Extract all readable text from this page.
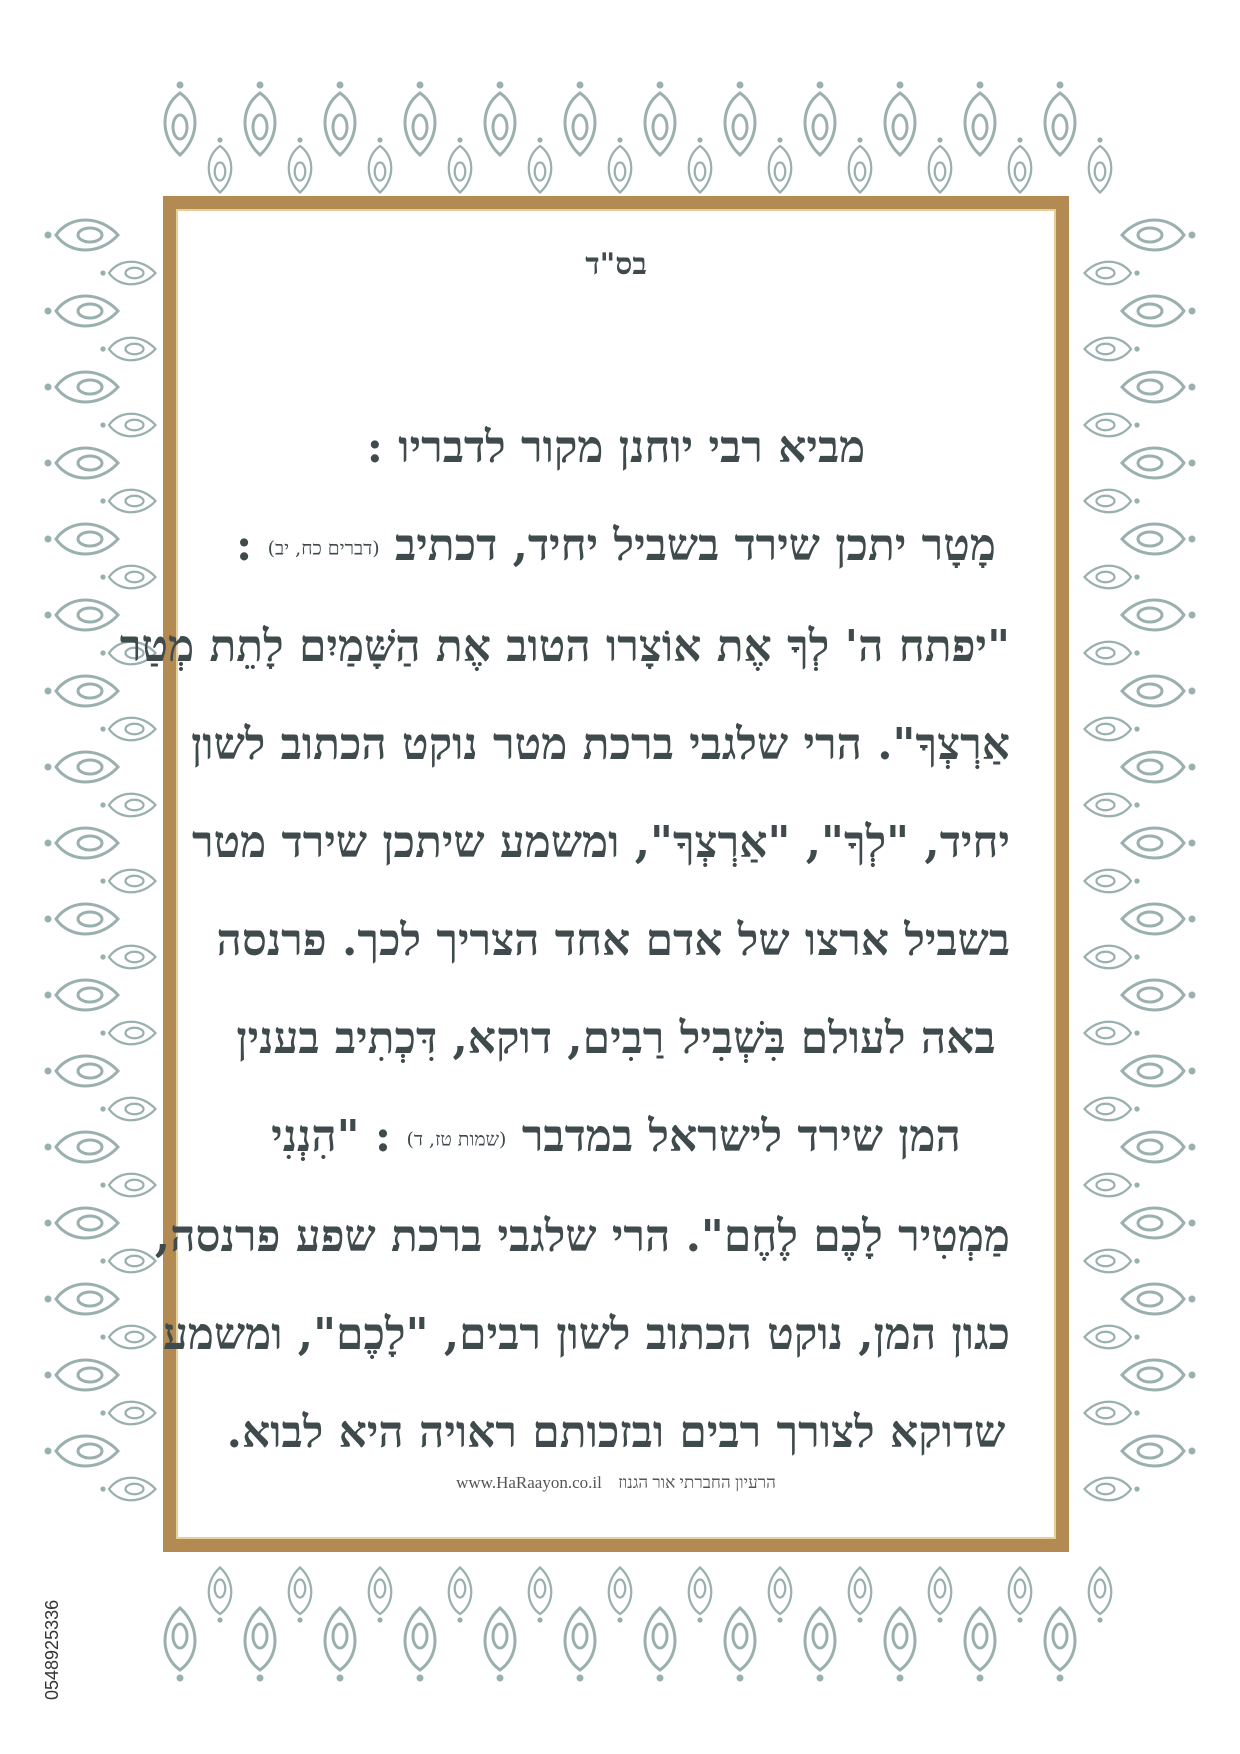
בס"ד
מביא רבי יוחנן מקור לדבריו :
מָטָר יתכן שירד בשביל יחיד, דכתיב (דברים כח, יב) :
"יפתח ה' לְךָ אֶת אוֹצָרו הטוב אֶת הַשָּׁמַיִם לָתֵת מְטַר
אַרְצְךָ". הרי שלגבי ברכת מטר נוקט הכתוב לשון
יחיד, "לְךָ", "אַרְצְךָ", ומשמע שיתכן שירד מטר
בשביל ארצו של אדם אחד הצריך לכך. פרנסה
באה לעולם בִּשְׁבִיל רַבִים, דוקא, דִּכְתִיב בענין
המן שירד לישראל במדבר (שמות טז, ד) : "הִנְנִי
מַמְטִיר לָכֶם לֶחֶם". הרי שלגבי ברכת שפע פרנסה,
כגון המן, נוקט הכתוב לשון רבים, "לָכֶם", ומשמע
שדוקא לצורך רבים ובזכותם ראויה היא לבוא.
www.HaRaayon.co.il הרעיון החברתי אור הגנוז
0548925336
